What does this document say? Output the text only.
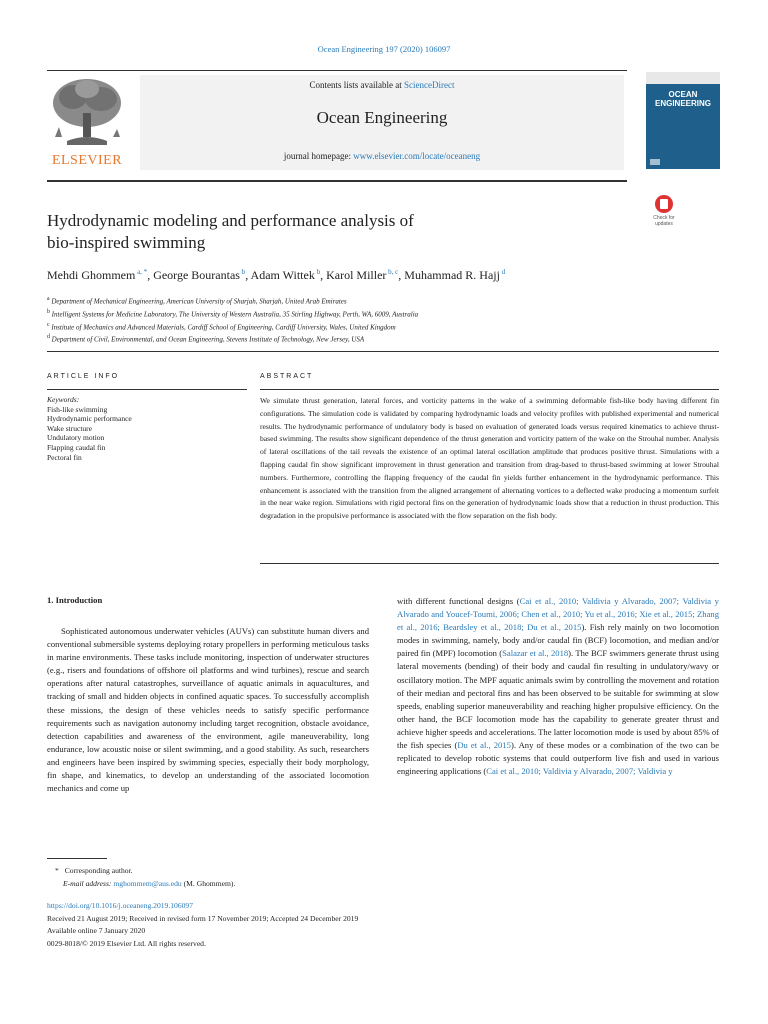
Ocean Engineering 197 (2020) 106097
ELSEVIER
Contents lists available at ScienceDirect
Ocean Engineering
journal homepage: www.elsevier.com/locate/oceaneng
OCEAN
ENGINEERING
Check for
updates
Hydrodynamic modeling and performance analysis of
bio-inspired swimming
Mehdi Ghommem $^{a, *}$, George Bourantas $^b$, Adam Wittek $^b$, Karol Miller $^{b, c}$, Muhammad R. Hajj $^d$
$^a$ Department of Mechanical Engineering, American University of Sharjah, Sharjah, United Arab Emirates
$^b$ Intelligent Systems for Medicine Laboratory, The University of Western Australia, 35 Stirling Highway, Perth, WA, 6009, Australia
$^c$ Institute of Mechanics and Advanced Materials, Cardiff School of Engineering, Cardiff University, Wales, United Kingdom
$^d$ Department of Civil, Environmental, and Ocean Engineering, Stevens Institute of Technology, New Jersey, USA
ARTICLE INFO	ABSTRACT
Keywords:
Fish-like swimming
Hydrodynamic performance
Wake structure
Undulatory motion
Flapping caudal fin
Pectoral fin
We simulate thrust generation, lateral forces, and vorticity patterns in the wake of a swimming deformable fish-like body having different fin configurations. The simulation code is validated by comparing hydrodynamic loads and velocity profiles with published experimental and numerical results. The hydrodynamic performance of undulatory body is based on evaluation of generated loads versus required kinematics to achieve thrust-based swimming. The results show significant dependence of the thrust generation and vorticity pattern of the wake on the Strouhal number. Analysis of lateral oscillations of the tail reveals the existence of an optimal lateral oscillation amplitude that produces positive thrust. Simulations with a flapping caudal fin show significant improvement in thrust generation and transition from drag-based to thrust-based swimming at lower Strouhal numbers. Furthermore, controlling the flapping frequency of the caudal fin yields further enhancement in the hydrodynamic performance. This enhancement is associated with the transition from the aligned arrangement of alternating vortices to a deflected wake producing a momentum surfeit in the near wake region. Simulations with rigid pectoral fins on the generation of hydrodynamic loads show that a reduction in thrust production. This degradation in the propulsive performance is associated with the flow separation on the fish body.
1. Introduction

Sophisticated autonomous underwater vehicles (AUVs) can substitute human divers and conventional submersible systems deploying rotary propellers in performing meticulous tasks in marine environments. These tasks include monitoring, inspection of underwater structures (e.g., risers and foundations of offshore oil platforms and wind turbines), rescue and search operations after natural catastrophes, surveillance of aquatic animals in aquacultures, and tracking of small and hidden objects in confined aquatic spaces. To successfully accomplish these missions, the design of these vehicles needs to satisfy specific performance requirements such as navigation autonomy including target recognition, obstacle avoidance, detection capabilities and awareness of the environment, agile maneuverability, long endurance, low acoustic noise or silent swimming, and a good stability. As such, researchers and engineers have been inspired by swimming species, especially their body morphology, fin shape, and kinematics, to develop an understanding of the associated locomotion mechanics and come up

with different functional designs (Cai et al., 2010; Valdivia y Alvarado, 2007; Valdivia y Alvarado and Youcef-Toumi, 2006; Chen et al., 2010; Yu et al., 2016; Xie et al., 2015; Zhang et al., 2016; Beardsley et al., 2018; Du et al., 2015). Fish rely mainly on two locomotion modes in swimming, namely, body and/or caudal fin (BCF) locomotion, and median and/or paired fin (MPF) locomotion (Salazar et al., 2018). The BCF swimmers generate thrust using lateral movements (bending) of their body and caudal fin resulting in undulatory/wavy or oscillatory motion. The MPF aquatic animals swim by controlling the movement and rotation of their median and pectoral fins and has been observed to be suitable for swimming at slow speeds, enabling superior maneuverability and reaching higher propulsive efficiency. On the other hand, the BCF locomotion mode has the capability to generate greater thrust and achieve higher speeds and accelerations. The latter locomotion mode is used by about 85% of the fish species (Du et al., 2015). Any of these modes or a combination of the two can be replicated to develop robotic systems that could outperform live fish and used in various engineering applications (Cai et al., 2010; Valdivia y Alvarado, 2007; Valdivia y

* Corresponding author.
E-mail address: mghommem@aus.edu (M. Ghommem).
https://doi.org/10.1016/j.oceaneng.2019.106097
Received 21 August 2019; Received in revised form 17 November 2019; Accepted 24 December 2019
Available online 7 January 2020
0029-8018/© 2019 Elsevier Ltd. All rights reserved.
